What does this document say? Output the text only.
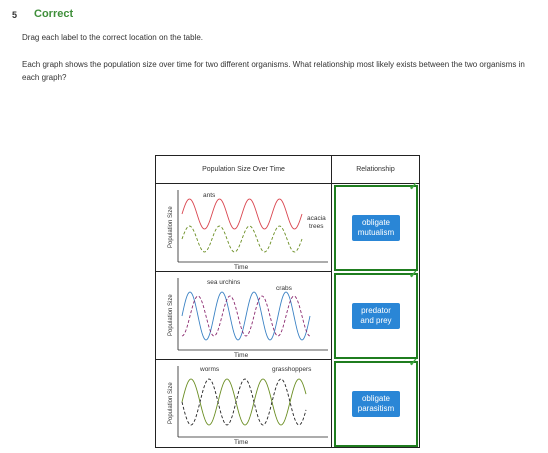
5 Correct
Drag each label to the correct location on the table.
Each graph shows the population size over time for two different organisms. What relationship most likely exists between the two organisms in each graph?
Population Size Over Time	Relationship
Population Size
Time
ants
acacia
trees
✓
obligate
mutualism
Population Size
Time
sea urchins
crabs
✓
predator
and prey
Population Size
Time
worms	grasshoppers
✓
obligate
parasitism
